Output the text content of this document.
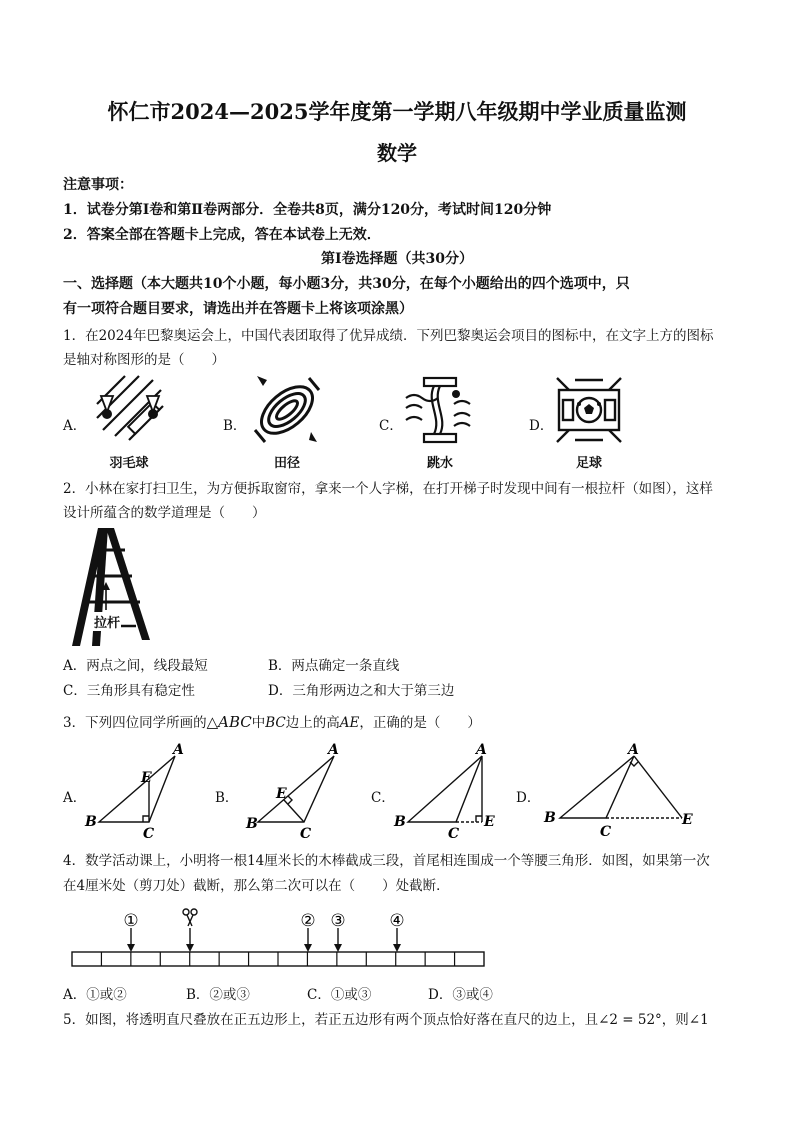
怀仁市2024—2025学年度第一学期八年级期中学业质量监测
数学
注意事项：
1．试卷分第Ⅰ卷和第Ⅱ卷两部分．全卷共8页，满分120分，考试时间120分钟
2．答案全部在答题卡上完成，答在本试卷上无效．
第Ⅰ卷选择题（共30分）
一、选择题（本大题共10个小题，每小题3分，共30分，在每个小题给出的四个选项中，只
有一项符合题目要求，请选出并在答题卡上将该项涂黑）
1．在2024年巴黎奥运会上，中国代表团取得了优异成绩．下列巴黎奥运会项目的图标中，在文字上方的图标
是轴对称图形的是（　　）
A．	B．	C．	D．
羽毛球	田径	跳水	足球
2．小林在家打扫卫生，为方便拆取窗帘，拿来一个人字梯，在打开梯子时发现中间有一根拉杆（如图），这样
设计所蕴含的数学道理是（　　）
拉杆
A．两点之间，线段最短	B．两点确定一条直线
C．三角形具有稳定性	D．三角形两边之和大于第三边
3．下列四位同学所画的△ABC中BC边上的高AE，正确的是（　　）
A．	B．	C．	D．
B
C
A
E
B
C
A
E
B
C
A
E	B
C
A
E
4．数学活动课上，小明将一根14厘米长的木棒截成三段，首尾相连围成一个等腰三角形．如图，如果第一次
在4厘米处（剪刀处）截断，那么第二次可以在（　　）处截断．
①	② ③	④
A．①或②	B．②或③	C．①或③	D．③或④
5．如图，将透明直尺叠放在正五边形上，若正五边形有两个顶点恰好落在直尺的边上，且∠2 = 52°，则∠1
